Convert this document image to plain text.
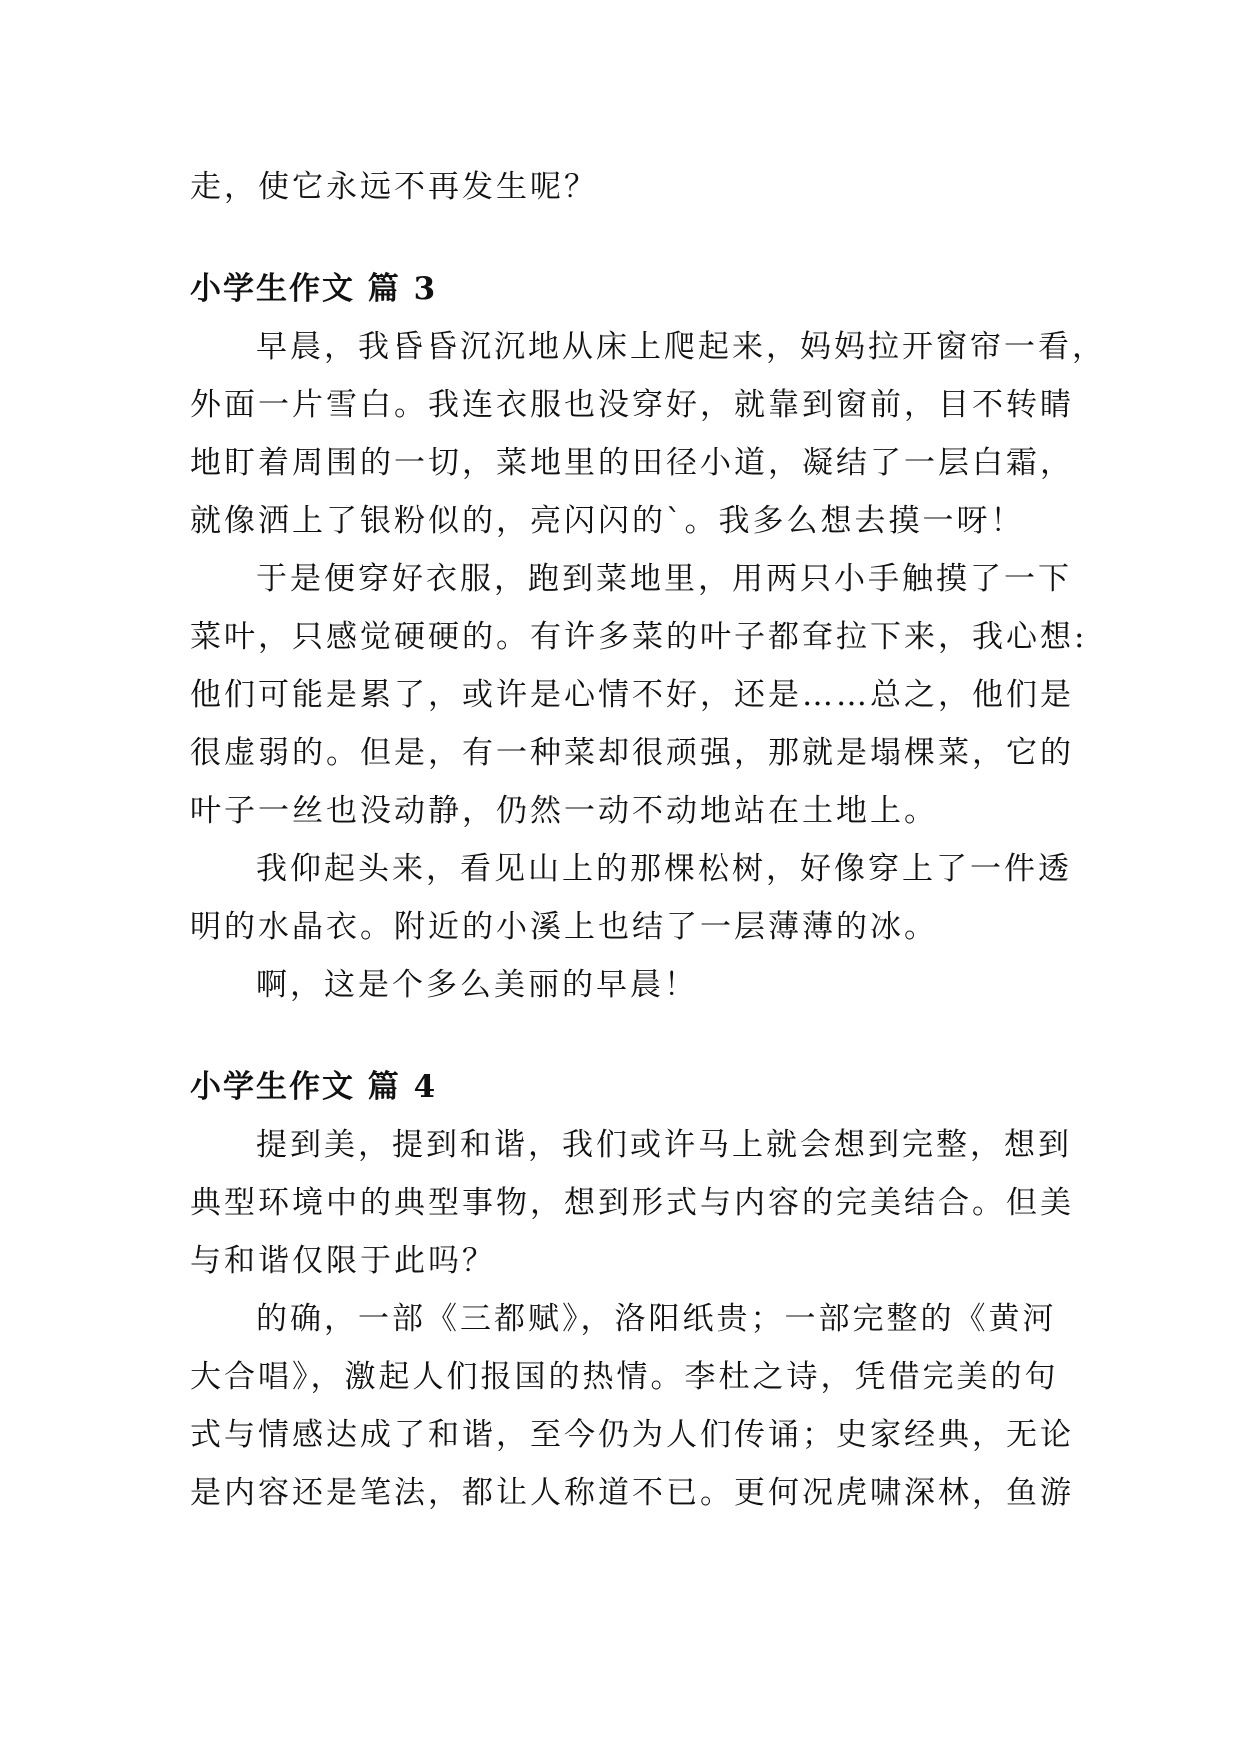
走，使它永远不再发生呢？

小学生作文 篇 3

早晨，我昏昏沉沉地从床上爬起来，妈妈拉开窗帘一看，

外面一片雪白。我连衣服也没穿好，就靠到窗前，目不转睛

地盯着周围的一切，菜地里的田径小道，凝结了一层白霜，

就像洒上了银粉似的，亮闪闪的`。我多么想去摸一呀！

于是便穿好衣服，跑到菜地里，用两只小手触摸了一下

菜叶，只感觉硬硬的。有许多菜的叶子都耷拉下来，我心想:

他们可能是累了，或许是心情不好，还是……总之，他们是

很虚弱的。但是，有一种菜却很顽强，那就是塌棵菜，它的

叶子一丝也没动静，仍然一动不动地站在土地上。

我仰起头来，看见山上的那棵松树，好像穿上了一件透

明的水晶衣。附近的小溪上也结了一层薄薄的冰。

啊，这是个多么美丽的早晨！

小学生作文 篇 4

提到美，提到和谐，我们或许马上就会想到完整，想到

典型环境中的典型事物，想到形式与内容的完美结合。但美

与和谐仅限于此吗？

的确，一部《三都赋》，洛阳纸贵；一部完整的《黄河

大合唱》，激起人们报国的热情。李杜之诗，凭借完美的句

式与情感达成了和谐，至今仍为人们传诵；史家经典，无论

是内容还是笔法，都让人称道不已。更何况虎啸深林，鱼游
